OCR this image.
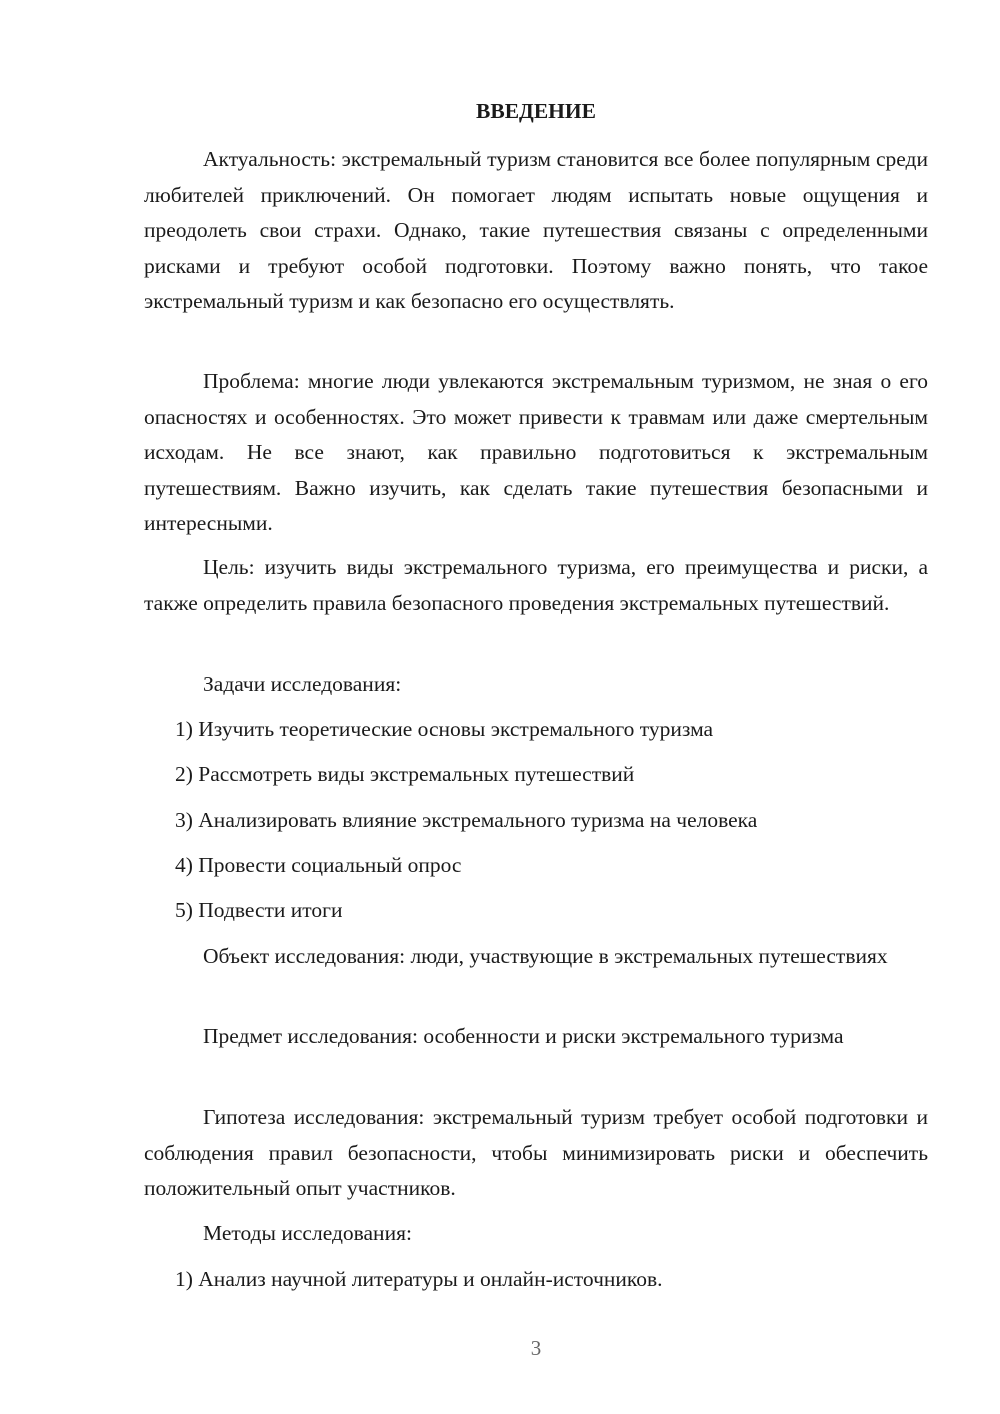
ВВЕДЕНИЕ

Актуальность: экстремальный туризм становится все более популярным среди любителей приключений. Он помогает людям испытать новые ощущения и преодолеть свои страхи. Однако, такие путешествия связаны с определенными рисками и требуют особой подготовки. Поэтому важно понять, что такое экстремальный туризм и как безопасно его осуществлять.

Проблема: многие люди увлекаются экстремальным туризмом, не зная о его опасностях и особенностях. Это может привести к травмам или даже смертельным исходам. Не все знают, как правильно подготовиться к экстремальным путешествиям. Важно изучить, как сделать такие путешествия безопасными и интересными.

Цель: изучить виды экстремального туризма, его преимущества и риски, а также определить правила безопасного проведения экстремальных путешествий.

Задачи исследования:
1) Изучить теоретические основы экстремального туризма
2) Рассмотреть виды экстремальных путешествий
3) Анализировать влияние экстремального туризма на человека
4) Провести социальный опрос
5) Подвести итоги

Объект исследования: люди, участвующие в экстремальных путешествиях

Предмет исследования: особенности и риски экстремального туризма

Гипотеза исследования: экстремальный туризм требует особой подготовки и соблюдения правил безопасности, чтобы минимизировать риски и обеспечить положительный опыт участников.

Методы исследования:
1) Анализ научной литературы и онлайн-источников.
3
